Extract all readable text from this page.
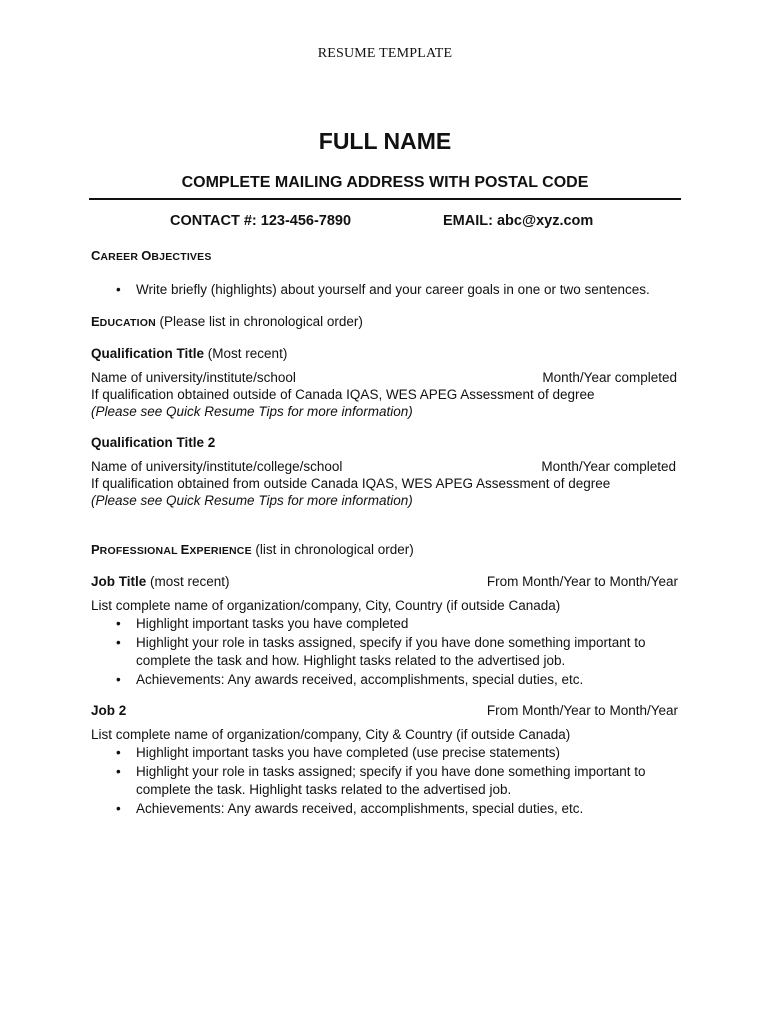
RESUME TEMPLATE
FULL NAME
COMPLETE MAILING ADDRESS WITH POSTAL CODE
CONTACT #: 123-456-7890	EMAIL: abc@xyz.com
CAREER OBJECTIVES
• Write briefly (highlights) about yourself and your career goals in one or two sentences.
EDUCATION (Please list in chronological order)
Qualification Title (Most recent)
Name of university/institute/school	Month/Year completed
If qualification obtained outside of Canada IQAS, WES APEG Assessment of degree
(Please see Quick Resume Tips for more information)
Qualification Title 2
Name of university/institute/college/school	Month/Year completed
If qualification obtained from outside Canada IQAS, WES APEG Assessment of degree
(Please see Quick Resume Tips for more information)
PROFESSIONAL EXPERIENCE (list in chronological order)
Job Title (most recent)	From Month/Year to Month/Year
List complete name of organization/company, City, Country (if outside Canada)
• Highlight important tasks you have completed
• Highlight your role in tasks assigned, specify if you have done something important to complete the task and how. Highlight tasks related to the advertised job.
• Achievements: Any awards received, accomplishments, special duties, etc.
Job 2	From Month/Year to Month/Year
List complete name of organization/company, City & Country (if outside Canada)
• Highlight important tasks you have completed (use precise statements)
• Highlight your role in tasks assigned; specify if you have done something important to complete the task. Highlight tasks related to the advertised job.
• Achievements: Any awards received, accomplishments, special duties, etc.
